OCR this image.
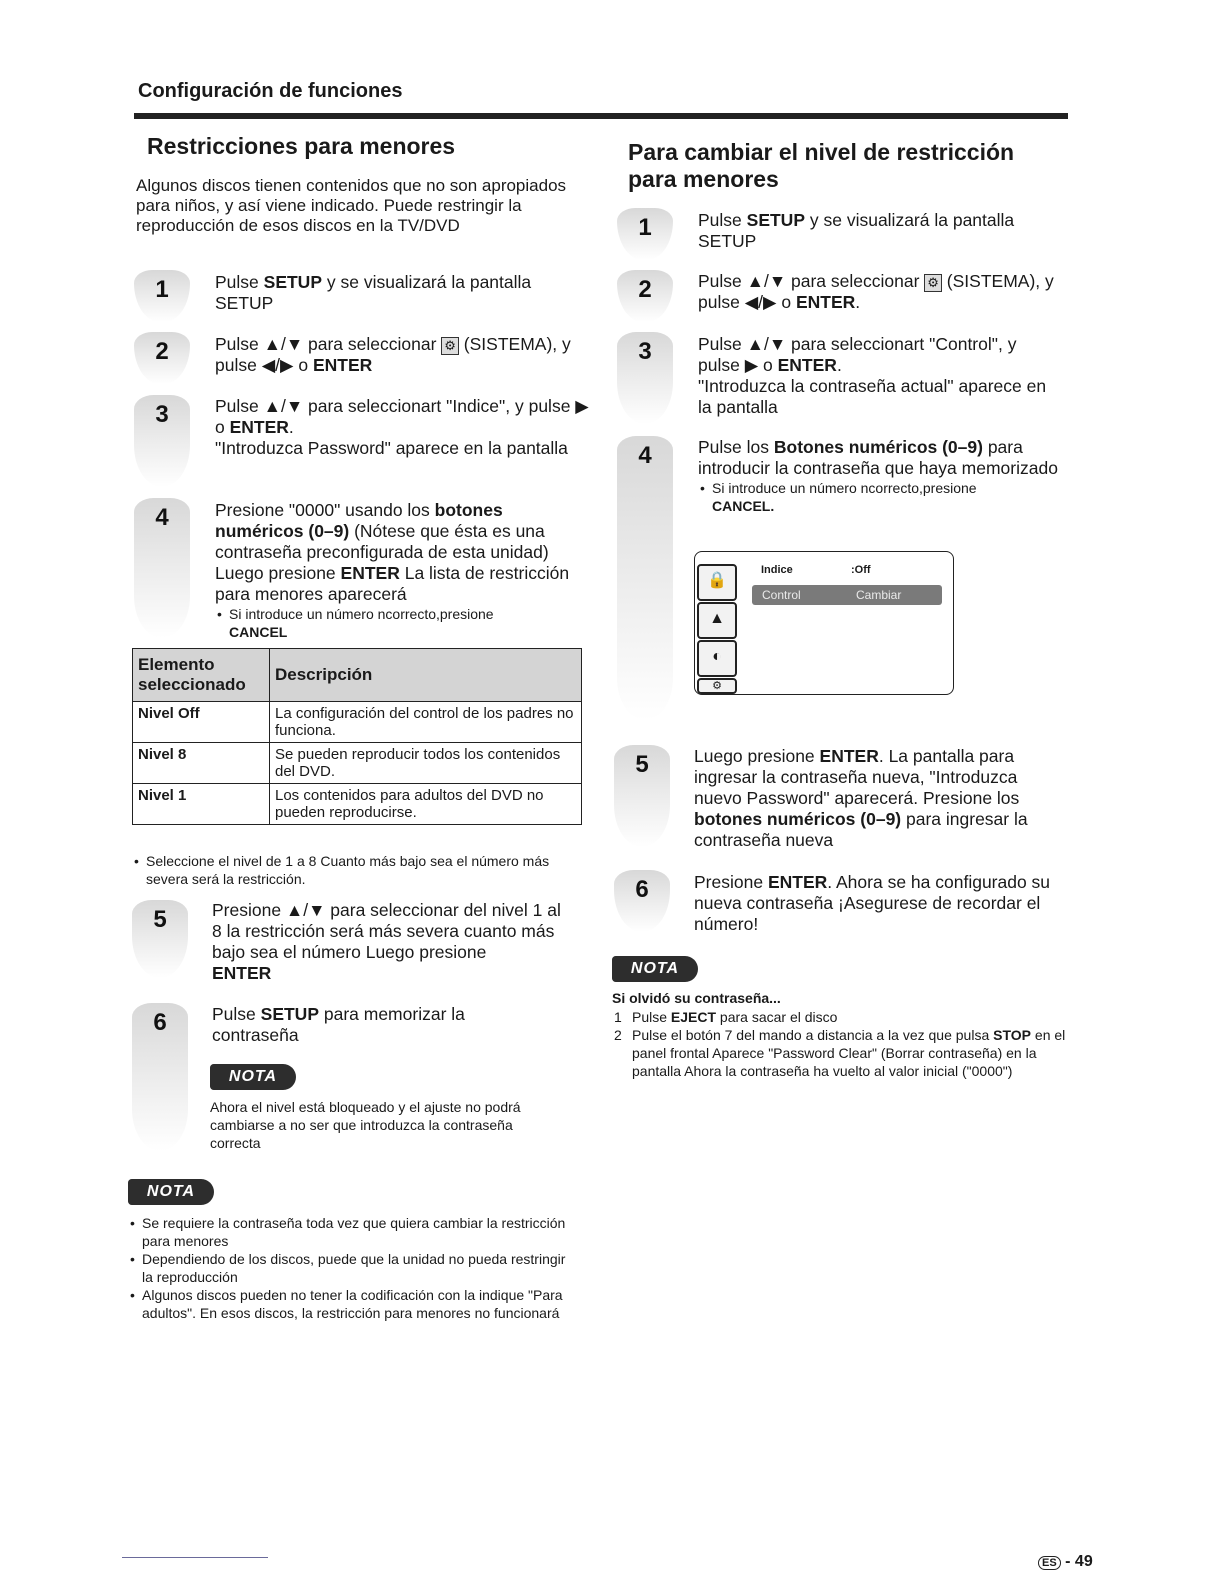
Configuración de funciones
Restricciones para menores
Algunos discos tienen contenidos que no son apropiados para niños, y así viene indicado. Puede restringir la reproducción de esos discos en la TV/DVD
1	Pulse SETUP y se visualizará la pantalla SETUP
2	Pulse ▲/▼ para seleccionar ⚙ (SISTEMA), y pulse ◀/▶ o ENTER
3	Pulse ▲/▼ para seleccionart "Indice", y pulse ▶ o ENTER.
"Introduzca Password" aparece en la pantalla
4	Presione "0000" usando los botones numéricos (0–9) (Nótese que ésta es una contraseña preconfigurada de esta unidad) Luego presione ENTER La lista de restricción para menores aparecerá
• Si introduce un número ncorrecto,presione
CANCEL
Elemento seleccionado	Descripción
Nivel Off	La configuración del control de los padres no funciona.
Nivel 8	Se pueden reproducir todos los contenidos del DVD.
Nivel 1	Los contenidos para adultos del DVD no pueden reproducirse.
• Seleccione el nivel de 1 a 8 Cuanto más bajo sea el número más severa será la restricción.
5	Presione ▲/▼ para seleccionar del nivel 1 al 8 la restricción será más severa cuanto más bajo sea el número Luego presione
ENTER
6	Pulse SETUP para memorizar la contraseña
NOTA
Ahora el nivel está bloqueado y el ajuste no podrá cambiarse a no ser que introduzca la contraseña correcta
NOTA
• Se requiere la contraseña toda vez que quiera cambiar la restricción para menores
• Dependiendo de los discos, puede que la unidad no pueda restringir la reproducción
• Algunos discos pueden no tener la codificación con la indique "Para adultos". En esos discos, la restricción para menores no funcionará
Para cambiar el nivel de restricción
para menores
1	Pulse SETUP y se visualizará la pantalla SETUP
2	Pulse ▲/▼ para seleccionar ⚙ (SISTEMA), y pulse ◀/▶ o ENTER.
3	Pulse ▲/▼ para seleccionart "Control", y pulse ▶ o ENTER.
"Introduzca la contraseña actual" aparece en la pantalla
4	Pulse los Botones numéricos (0–9) para introducir la contraseña que haya memorizado
• Si introduce un número ncorrecto,presione
CANCEL.
🔒
▲
◐
⚙
Indice	:Off
Control	Cambiar
5	Luego presione ENTER. La pantalla para ingresar la contraseña nueva, "Introduzca nuevo Password" aparecerá. Presione los botones numéricos (0–9) para ingresar la contraseña nueva
6	Presione ENTER. Ahora se ha configurado su nueva contraseña ¡Asegurese de recordar el número!
NOTA
Si olvidó su contraseña...
1 Pulse EJECT para sacar el disco
2 Pulse el botón 7 del mando a distancia a la vez que pulsa STOP en el panel frontal Aparece "Password Clear" (Borrar contraseña) en la pantalla Ahora la contraseña ha vuelto al valor inicial ("0000")
ES - 49
